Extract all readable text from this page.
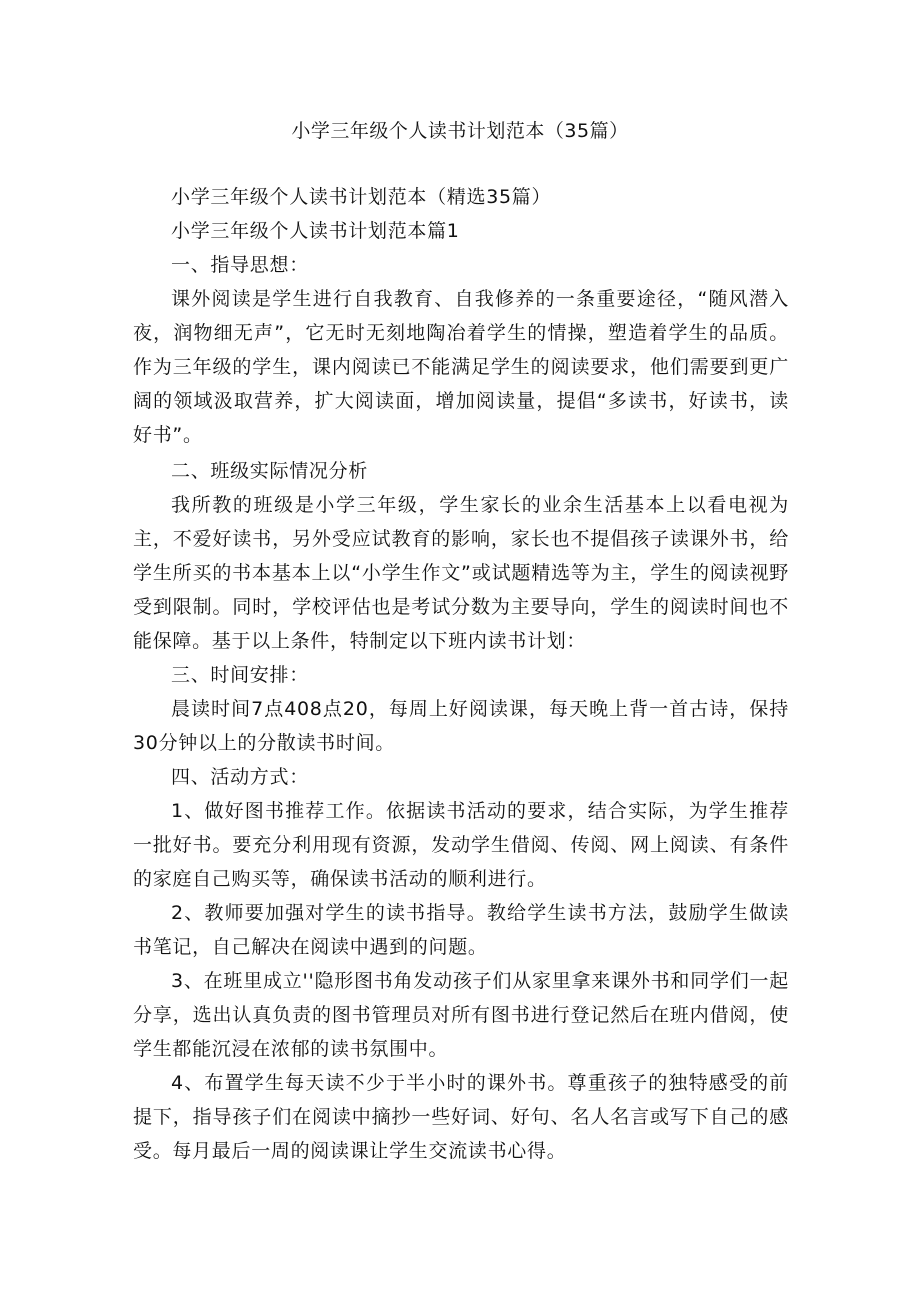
小学三年级个人读书计划范本（35篇）

小学三年级个人读书计划范本（精选35篇）

小学三年级个人读书计划范本篇1

一、指导思想：

课外阅读是学生进行自我教育、自我修养的一条重要途径，“随风潜入夜，润物细无声”，它无时无刻地陶冶着学生的情操，塑造着学生的品质。作为三年级的学生，课内阅读已不能满足学生的阅读要求，他们需要到更广阔的领域汲取营养，扩大阅读面，增加阅读量，提倡“多读书，好读书，读好书”。

二、班级实际情况分析

我所教的班级是小学三年级，学生家长的业余生活基本上以看电视为主，不爱好读书，另外受应试教育的影响，家长也不提倡孩子读课外书，给学生所买的书本基本上以“小学生作文”或试题精选等为主，学生的阅读视野受到限制。同时，学校评估也是考试分数为主要导向，学生的阅读时间也不能保障。基于以上条件，特制定以下班内读书计划：

三、时间安排：

晨读时间7点408点20，每周上好阅读课，每天晚上背一首古诗，保持30分钟以上的分散读书时间。

四、活动方式：

1、做好图书推荐工作。依据读书活动的要求，结合实际，为学生推荐一批好书。要充分利用现有资源，发动学生借阅、传阅、网上阅读、有条件的家庭自己购买等，确保读书活动的顺利进行。

2、教师要加强对学生的读书指导。教给学生读书方法，鼓励学生做读书笔记，自己解决在阅读中遇到的问题。

3、在班里成立''隐形图书角发动孩子们从家里拿来课外书和同学们一起分享，选出认真负责的图书管理员对所有图书进行登记然后在班内借阅，使学生都能沉浸在浓郁的读书氛围中。

4、布置学生每天读不少于半小时的课外书。尊重孩子的独特感受的前提下，指导孩子们在阅读中摘抄一些好词、好句、名人名言或写下自己的感受。每月最后一周的阅读课让学生交流读书心得。
